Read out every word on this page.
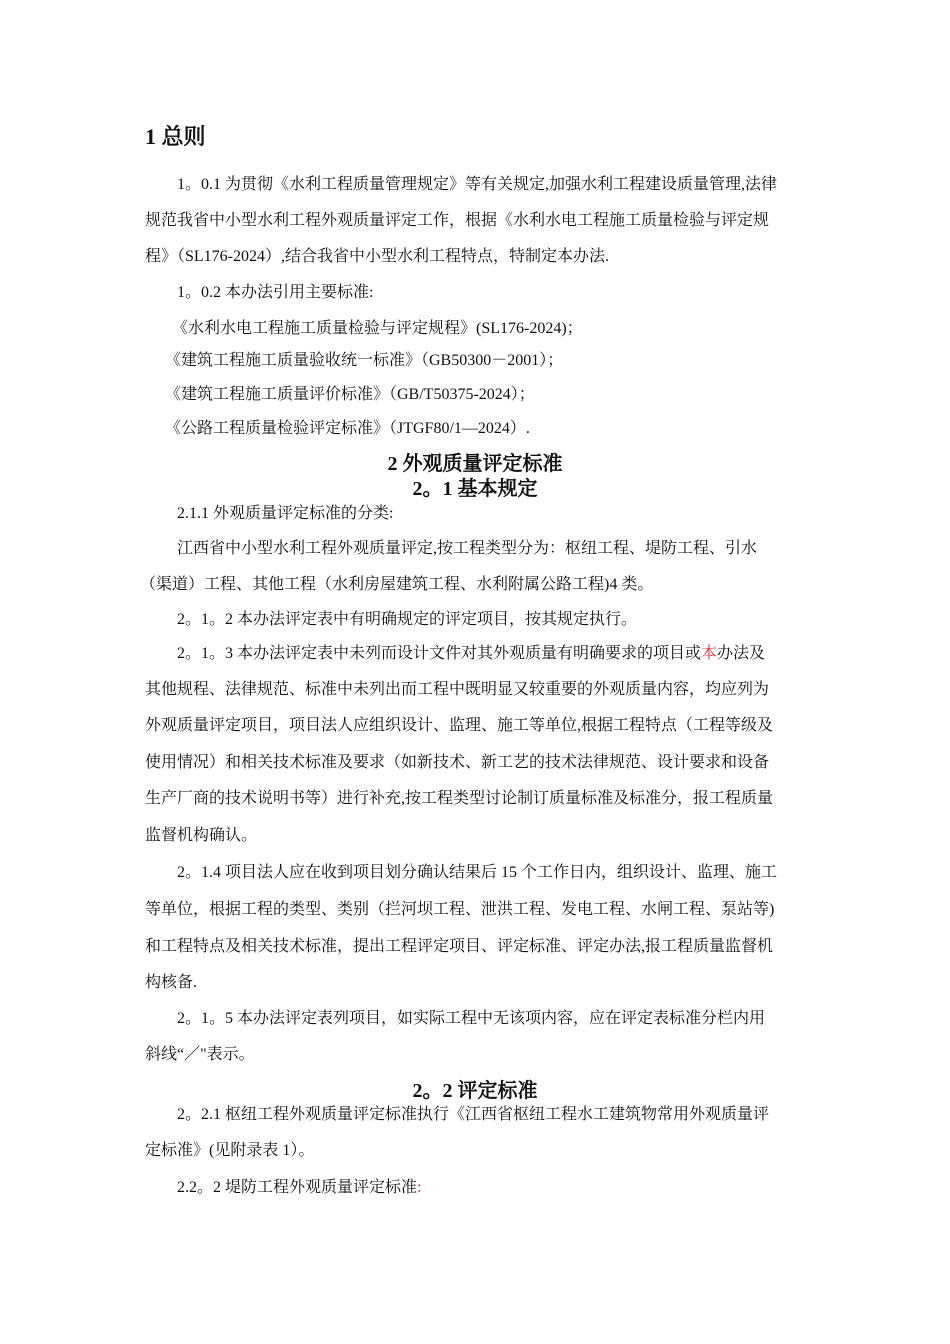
1 总则
1。0.1 为贯彻《水利工程质量管理规定》等有关规定,加强水利工程建设质量管理,法律
规范我省中小型水利工程外观质量评定工作，根据《水利水电工程施工质量检验与评定规
程》（SL176-2024）,结合我省中小型水利工程特点，特制定本办法.
1。0.2 本办法引用主要标准:
《水利水电工程施工质量检验与评定规程》(SL176-2024)；
《建筑工程施工质量验收统一标准》（GB50300－2001）；
《建筑工程施工质量评价标准》（GB/T50375-2024）；
《公路工程质量检验评定标准》（JTGF80/1—2024）.
2 外观质量评定标准
2。1 基本规定
2.1.1 外观质量评定标准的分类:
江西省中小型水利工程外观质量评定,按工程类型分为：枢纽工程、堤防工程、引水
（渠道）工程、其他工程（水利房屋建筑工程、水利附属公路工程)4 类。
2。1。2 本办法评定表中有明确规定的评定项目，按其规定执行。
2。1。3 本办法评定表中未列而设计文件对其外观质量有明确要求的项目或本办法及
其他规程、法律规范、标准中未列出而工程中既明显又较重要的外观质量内容，均应列为
外观质量评定项目，项目法人应组织设计、监理、施工等单位,根据工程特点（工程等级及
使用情况）和相关技术标准及要求（如新技术、新工艺的技术法律规范、设计要求和设备
生产厂商的技术说明书等）进行补充,按工程类型讨论制订质量标准及标准分，报工程质量
监督机构确认。
2。1.4 项目法人应在收到项目划分确认结果后 15 个工作日内，组织设计、监理、施工
等单位，根据工程的类型、类别（拦河坝工程、泄洪工程、发电工程、水闸工程、泵站等)
和工程特点及相关技术标准，提出工程评定项目、评定标准、评定办法,报工程质量监督机
构核备.
2。1。5 本办法评定表列项目，如实际工程中无该项内容，应在评定表标准分栏内用
斜线“／"表示。
2。2 评定标准
2。2.1 枢纽工程外观质量评定标准执行《江西省枢纽工程水工建筑物常用外观质量评
定标准》(见附录表 1）。
2.2。2 堤防工程外观质量评定标准:
